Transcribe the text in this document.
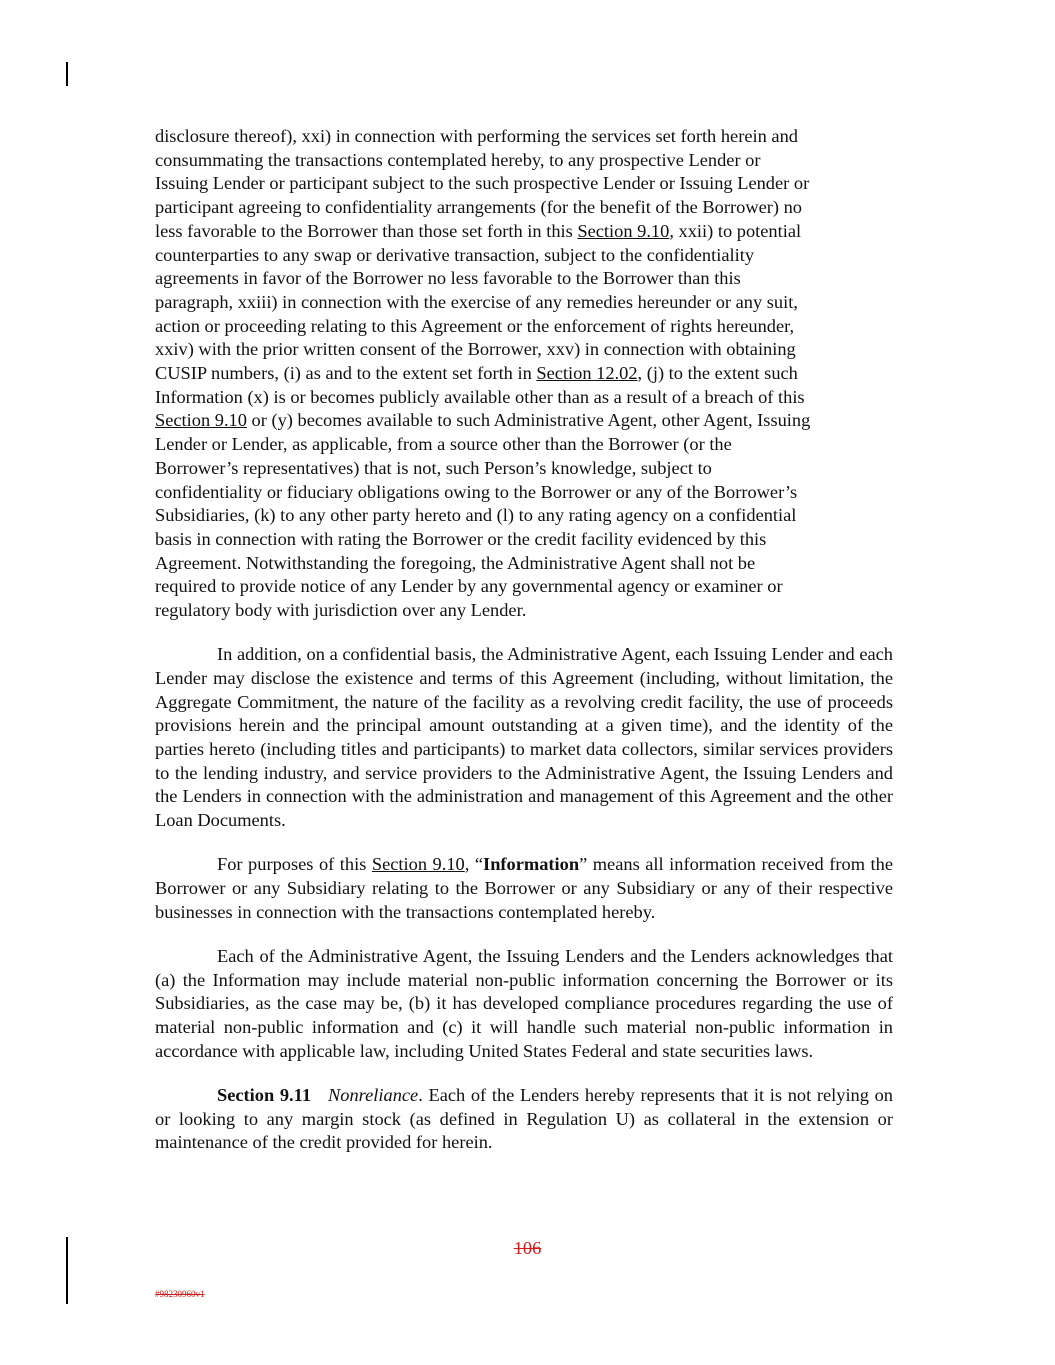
disclosure thereof), xxi) in connection with performing the services set forth herein and
consummating the transactions contemplated hereby, to any prospective Lender or
Issuing Lender or participant subject to the such prospective Lender or Issuing Lender or
participant agreeing to confidentiality arrangements (for the benefit of the Borrower) no
less favorable to the Borrower than those set forth in this Section 9.10, xxii) to potential
counterparties to any swap or derivative transaction, subject to the confidentiality
agreements in favor of the Borrower no less favorable to the Borrower than this
paragraph, xxiii) in connection with the exercise of any remedies hereunder or any suit,
action or proceeding relating to this Agreement or the enforcement of rights hereunder,
xxiv) with the prior written consent of the Borrower, xxv) in connection with obtaining
CUSIP numbers, (i) as and to the extent set forth in Section 12.02, (j) to the extent such
Information (x) is or becomes publicly available other than as a result of a breach of this
Section 9.10 or (y) becomes available to such Administrative Agent, other Agent, Issuing
Lender or Lender, as applicable, from a source other than the Borrower (or the
Borrower’s representatives) that is not, such Person’s knowledge, subject to
confidentiality or fiduciary obligations owing to the Borrower or any of the Borrower’s
Subsidiaries, (k) to any other party hereto and (l) to any rating agency on a confidential
basis in connection with rating the Borrower or the credit facility evidenced by this
Agreement. Notwithstanding the foregoing, the Administrative Agent shall not be
required to provide notice of any Lender by any governmental agency or examiner or
regulatory body with jurisdiction over any Lender.

In addition, on a confidential basis, the Administrative Agent, each Issuing Lender and each Lender may disclose the existence and terms of this Agreement (including, without limitation, the Aggregate Commitment, the nature of the facility as a revolving credit facility, the use of proceeds provisions herein and the principal amount outstanding at a given time), and the identity of the parties hereto (including titles and participants) to market data collectors, similar services providers to the lending industry, and service providers to the Administrative Agent, the Issuing Lenders and the Lenders in connection with the administration and management of this Agreement and the other Loan Documents.

For purposes of this Section 9.10, “Information” means all information received from the Borrower or any Subsidiary relating to the Borrower or any Subsidiary or any of their respective businesses in connection with the transactions contemplated hereby.

Each of the Administrative Agent, the Issuing Lenders and the Lenders acknowledges that (a) the Information may include material non-public information concerning the Borrower or its Subsidiaries, as the case may be, (b) it has developed compliance procedures regarding the use of material non-public information and (c) it will handle such material non-public information in accordance with applicable law, including United States Federal and state securities laws.

Section 9.11 Nonreliance. Each of the Lenders hereby represents that it is not relying on or looking to any margin stock (as defined in Regulation U) as collateral in the extension or maintenance of the credit provided for herein.

106
#98230960v1
